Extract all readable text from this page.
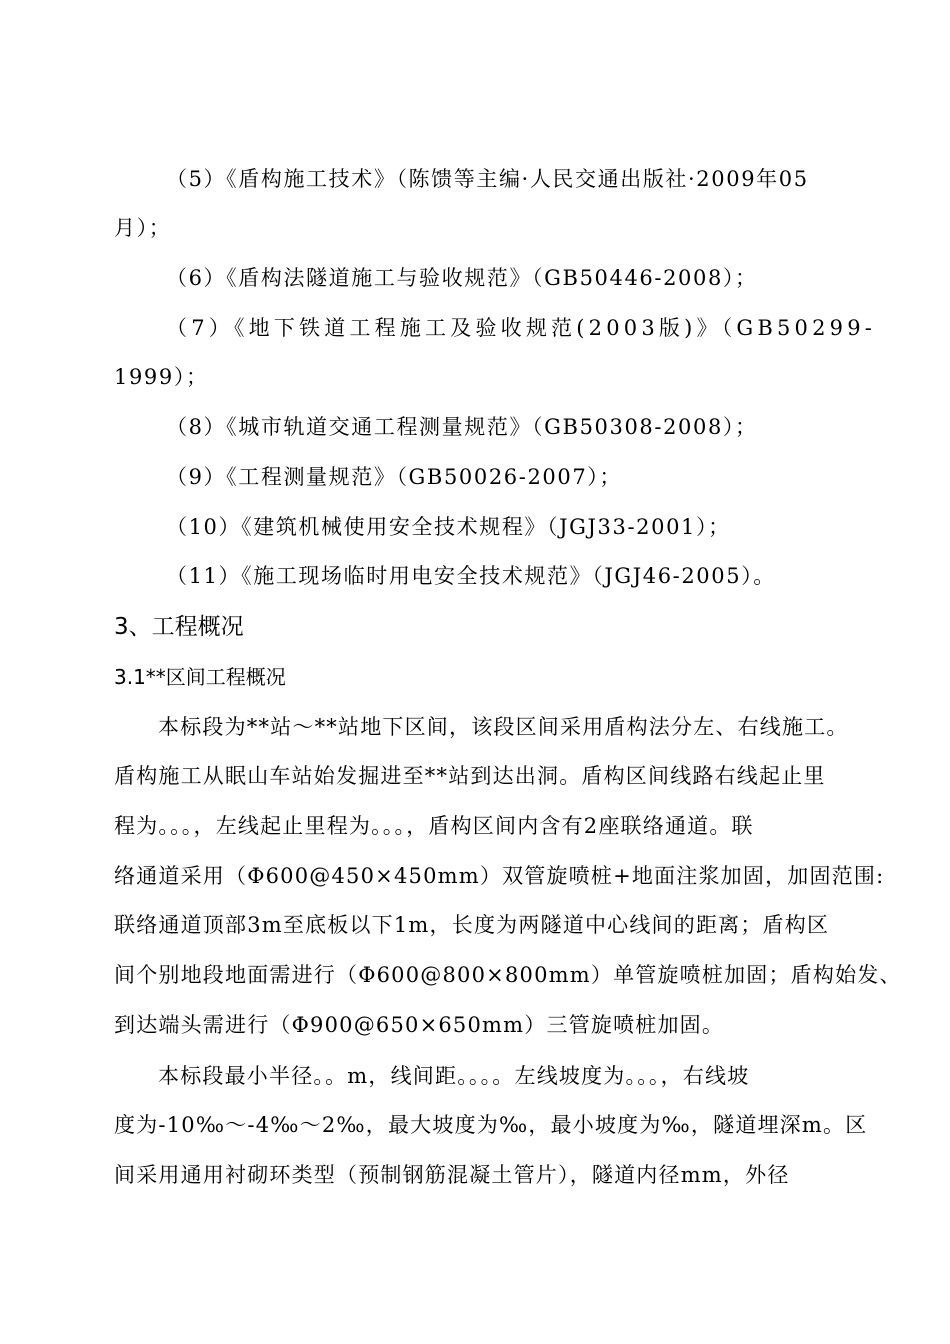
（5）《盾构施工技术》（陈馈等主编·人民交通出版社·2009年05
月）；
（6）《盾构法隧道施工与验收规范》（GB50446-2008）；
（7）《地下铁道工程施工及验收规范(2003版)》（GB50299-
1999）；
（8）《城市轨道交通工程测量规范》（GB50308-2008）；
（9）《工程测量规范》（GB50026-2007）；
（10）《建筑机械使用安全技术规程》（JGJ33-2001）；
（11）《施工现场临时用电安全技术规范》（JGJ46-2005）。
3、工程概况
3.1**区间工程概况
本标段为**站～**站地下区间，该段区间采用盾构法分左、右线施工。
盾构施工从眠山车站始发掘进至**站到达出洞。盾构区间线路右线起止里
程为。。。，左线起止里程为。。。，盾构区间内含有2座联络通道。联
络通道采用（Φ600@450×450mm）双管旋喷桩+地面注浆加固，加固范围:
联络通道顶部3m至底板以下1m，长度为两隧道中心线间的距离；盾构区
间个别地段地面需进行（Φ600@800×800mm）单管旋喷桩加固；盾构始发、
到达端头需进行（Φ900@650×650mm）三管旋喷桩加固。
本标段最小半径。。m，线间距。。。。左线坡度为。。。，右线坡
度为-10‰～-4‰～2‰，最大坡度为‰，最小坡度为‰，隧道埋深m。区
间采用通用衬砌环类型（预制钢筋混凝土管片），隧道内径mm，外径
